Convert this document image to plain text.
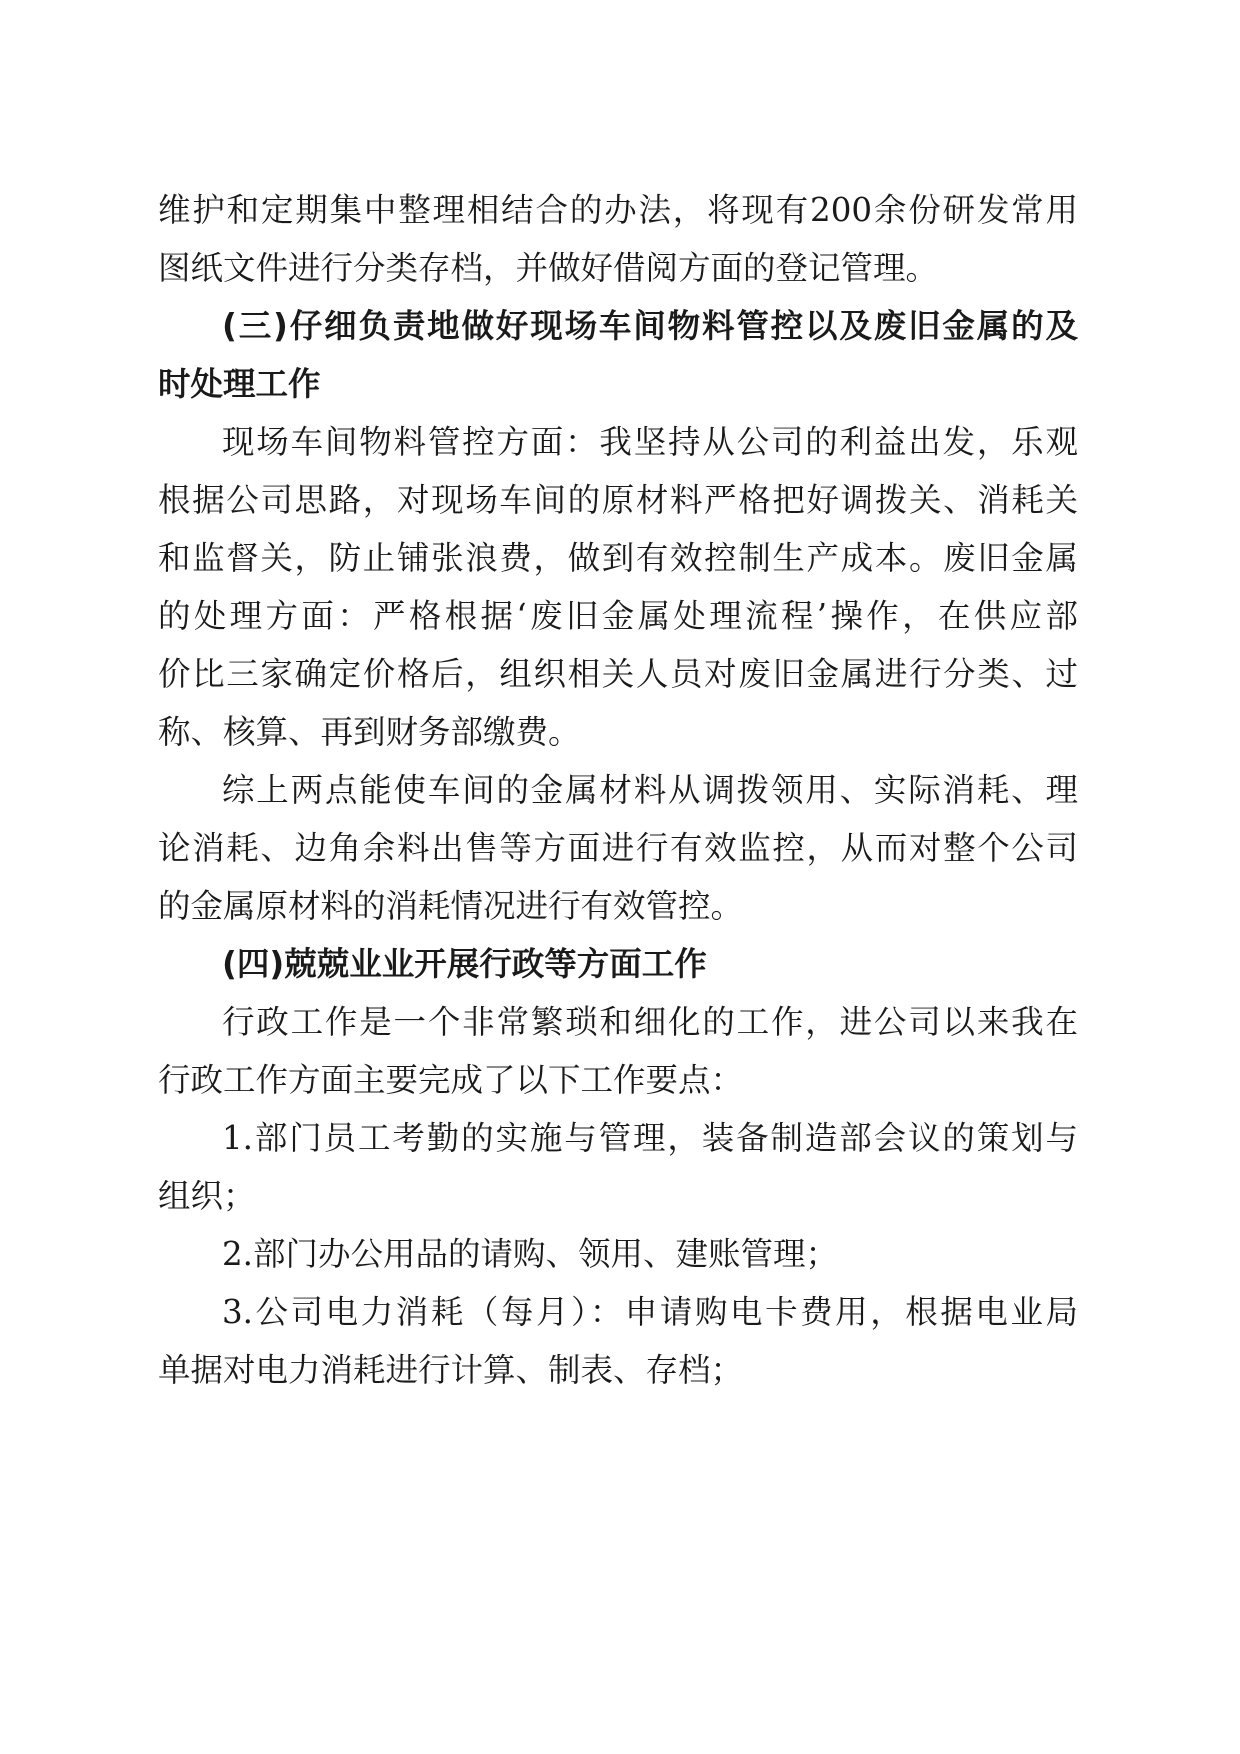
维护和定期集中整理相结合的办法，将现有200余份研发常用
图纸文件进行分类存档，并做好借阅方面的登记管理。
(三)仔细负责地做好现场车间物料管控以及废旧金属的及
时处理工作
现场车间物料管控方面：我坚持从公司的利益出发，乐观
根据公司思路，对现场车间的原材料严格把好调拨关、消耗关
和监督关，防止铺张浪费，做到有效控制生产成本。废旧金属
的处理方面：严格根据‘废旧金属处理流程’操作，在供应部
价比三家确定价格后，组织相关人员对废旧金属进行分类、过
称、核算、再到财务部缴费。
综上两点能使车间的金属材料从调拨领用、实际消耗、理
论消耗、边角余料出售等方面进行有效监控，从而对整个公司
的金属原材料的消耗情况进行有效管控。
(四)兢兢业业开展行政等方面工作
行政工作是一个非常繁琐和细化的工作，进公司以来我在
行政工作方面主要完成了以下工作要点：
1.部门员工考勤的实施与管理，装备制造部会议的策划与
组织；
2.部门办公用品的请购、领用、建账管理；
3.公司电力消耗（每月）：申请购电卡费用，根据电业局
单据对电力消耗进行计算、制表、存档；
